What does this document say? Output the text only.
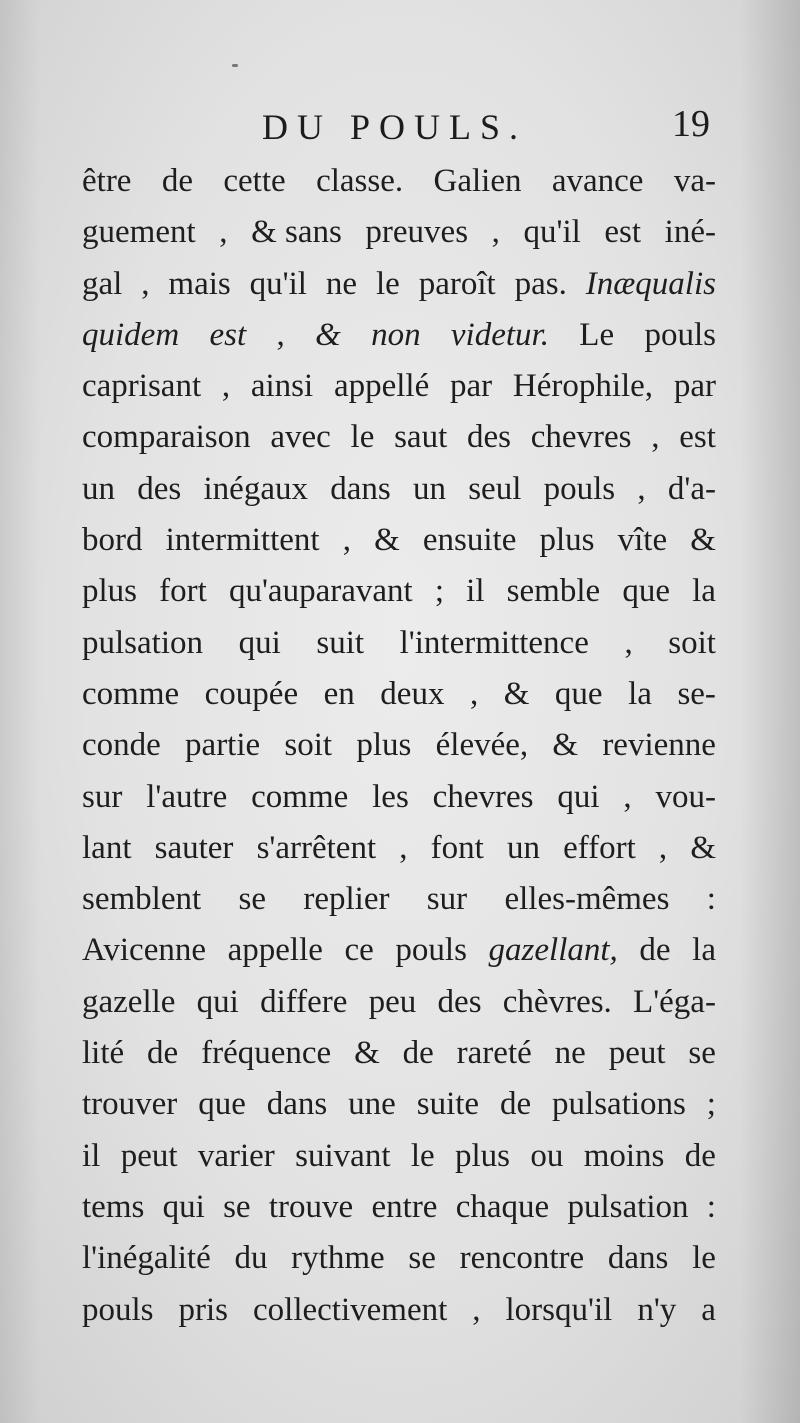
DU POULS.	19
être de cette classe. Galien avance va-
guement , & sans preuves , qu'il est iné-
gal , mais qu'il ne le paroît pas. Inæqualis
quidem est , & non videtur. Le pouls
caprisant , ainsi appellé par Hérophile, par
comparaison avec le saut des chevres , est
un des inégaux dans un seul pouls , d'a-
bord intermittent , & ensuite plus vîte &
plus fort qu'auparavant ; il semble que la
pulsation qui suit l'intermittence , soit
comme coupée en deux , & que la se-
conde partie soit plus élevée, & revienne
sur l'autre comme les chevres qui , vou-
lant sauter s'arrêtent , font un effort , &
semblent se replier sur elles-mêmes :
Avicenne appelle ce pouls gazellant, de la
gazelle qui differe peu des chèvres. L'éga-
lité de fréquence & de rareté ne peut se
trouver que dans une suite de pulsations ;
il peut varier suivant le plus ou moins de
tems qui se trouve entre chaque pulsation :
l'inégalité du rythme se rencontre dans le
pouls pris collectivement , lorsqu'il n'y a
